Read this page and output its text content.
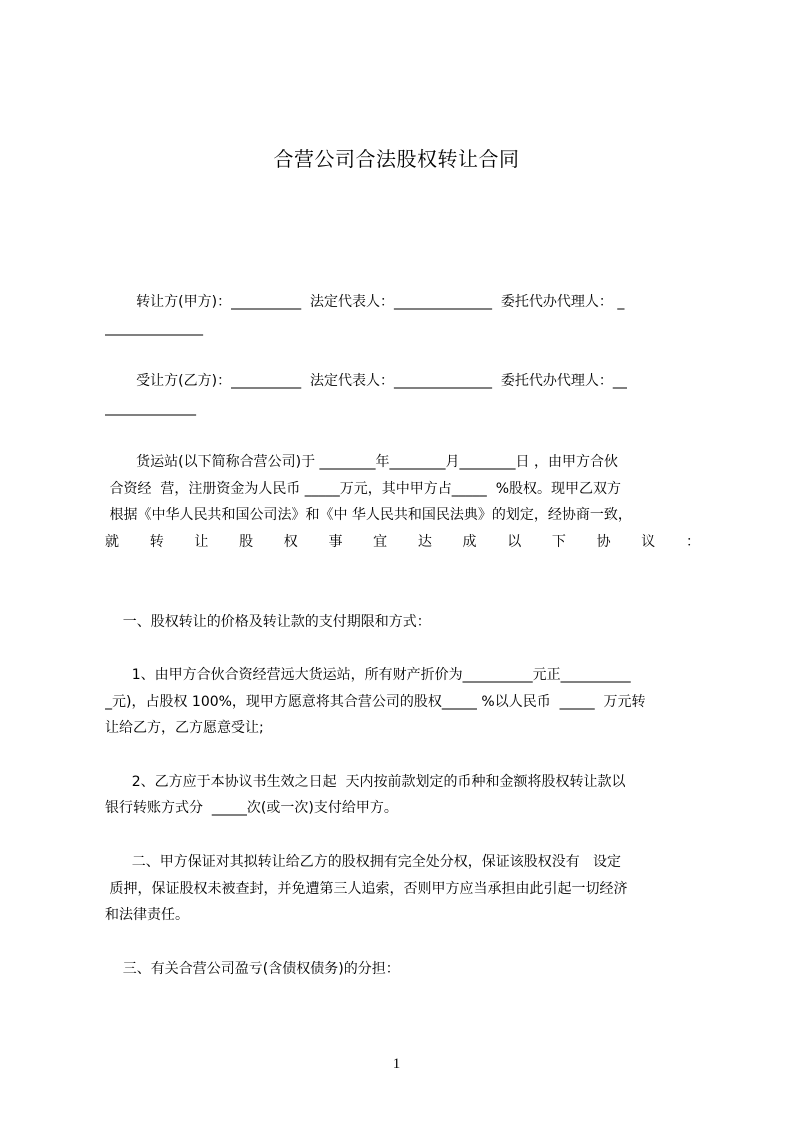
合营公司合法股权转让合同
转让方(甲方)：__________  法定代表人：______________  委托代办代理人： _
______________
受让方(乙方)：__________  法定代表人：______________  委托代办代理人：__
_____________
货运站(以下简称合营公司)于 ________年________月________日 ，由甲方合伙
合资经  营，注册资金为人民币 _____万元，其中甲方占_____  %股权。现甲乙双方
根据《中华人民共和国公司法》和《中 华人民共和国民法典》的划定，经协商一致，
就 转 让 股 权 事 宜 达 成 以 下 协 议 ：
一、股权转让的价格及转让款的支付期限和方式：
1、由甲方合伙合资经营远大货运站，所有财产折价为__________元正__________
_元)，占股权 100%，现甲方愿意将其合营公司的股权_____ %以人民币  _____  万元转
让给乙方，乙方愿意受让;
2、乙方应于本协议书生效之日起  天内按前款划定的币种和金额将股权转让款以
银行转账方式分  _____次(或一次)支付给甲方。
二、甲方保证对其拟转让给乙方的股权拥有完全处分权，保证该股权没有   设定
质押，保证股权未被查封，并免遭第三人追索，否则甲方应当承担由此引起一切经济
和法律责任。
三、有关合营公司盈亏(含债权债务)的分担：
1
